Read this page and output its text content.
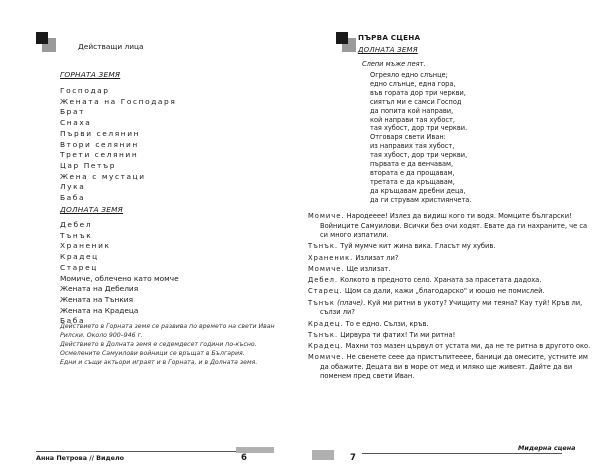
Действащи лица
ГОРНАТА ЗЕМЯ
Господар
Жената на Господаря
Брат
Снаха
Първи селянин
Втори селянин
Трети селянин
Цар Петър
Жена с мустаци
Лука
Баба
ДОЛНАТА ЗЕМЯ
Дебел
Тънък
Храненик
Крадец
Старец
Момиче, облечено като момче
Жената на Дебелия
Жената на Тънкия
Жената на Крадеца
Баба
Действието в Горната земя се развива по времето на свети Иван Рилски. Около 900–946 г.
Действието в Долната земя е седемдесет години по-късно.
Осмелените Самуилови войници се връщат в България.
Едни и същи актьори играят и в Горната, и в Долната земя.
Анна Петрова // Видело	6
ПЪРВА СЦЕНА
ДОЛНАТА ЗЕМЯ
Слепи мъже пеят.
Огреяло едно слънце;
едно слънце, една гора,
във гората дор три черкви,
сиятъл ми е самси Господ
да попита кой направи,
кой направи тая хубост,
тая хубост, дор три черкви.
Отговаря свети Иван:
из направих тая хубост,
тая хубост, дор три черкви,
първата е да венчавам,
втората е да прощавам,
третата е да кръщавам,
да кръщавам дребни деца,
да ги струвам християнчета.
Момиче. Народееее! Излез да видиш кого ти водя. Момците български! Войниците Самуилови. Всички без очи ходят. Евате да ги нахраните, че са си много изпатили.
Тънък. Туй мумче кит жина вика. Гласът му хубив.
Храненик. Излизат ли?
Момиче. Ще излизат.
Дебел. Колкото в предното село. Храната за прасетата дадоха.
Старец. Щом са дали, кажи „благодарско" и юошо не помислей.
Тънък (плаче). Куй ми ритни в укоту? Учищиту ми теяна? Кау туй! Кръв ли, сълзи ли?
Крадец. То е едно. Сълзи, кръв.
Тънък. Цирвура ти фатих! Ти ми ритна!
Крадец. Махни тоз мазен цървул от устата ми, да не те ритна в другото око.
Момиче. Не свенете сеее да пристъпитееее, баници да омесите, устните им да обажите. Децата ви в море от мед и мляко ще живеят. Дайте да ви поменем пред свети Иван.
7
Мидерна сцена
